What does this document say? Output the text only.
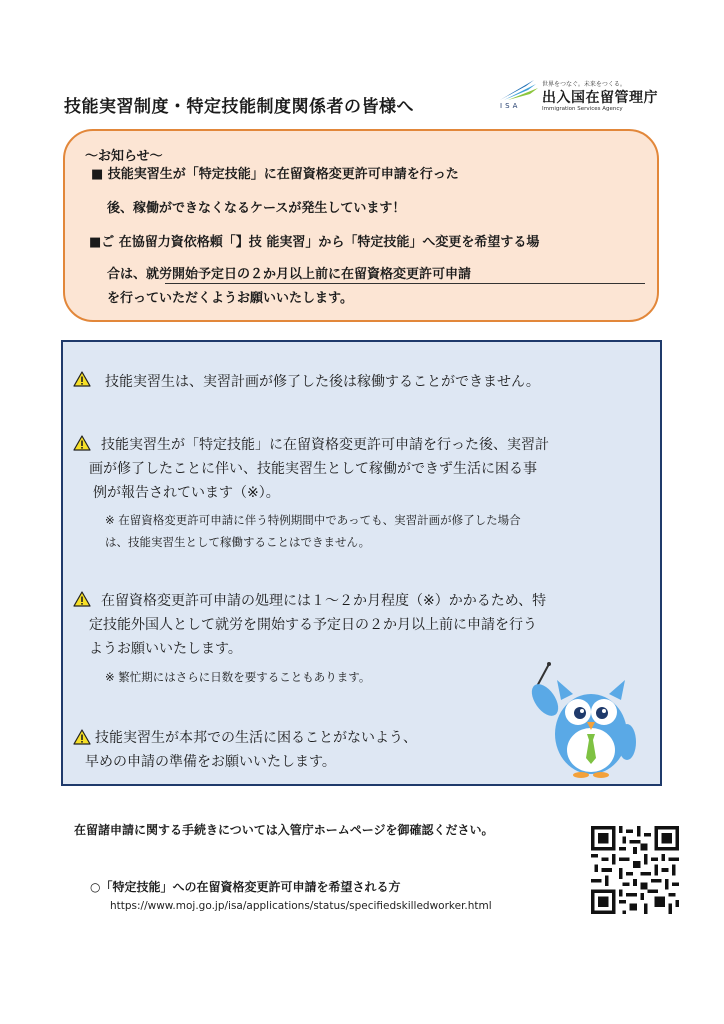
技能実習制度・特定技能制度関係者の皆様へ	ISA
世界をつなぐ。未来をつくる。
出入国在留管理庁
Immigration Services Agency
～お知らせ～
■ 技能実習生が「特定技能」に在留資格変更許可申請を行った
後、稼働ができなくなるケースが発生しています！
■ご 在協留力資依格頼「】技 能実習」から「特定技能」へ変更を希望する場
合は、就労開始予定日の２か月以上前に在留資格変更許可申請
を行っていただくようお願いいたします。
技能実習生は、実習計画が修了した後は稼働することができません。
技能実習生が「特定技能」に在留資格変更許可申請を行った後、実習計
画が修了したことに伴い、技能実習生として稼働ができず生活に困る事
例が報告されています（※）。
※ 在留資格変更許可申請に伴う特例期間中であっても、実習計画が修了した場合
は、技能実習生として稼働することはできません。
在留資格変更許可申請の処理には１～２か月程度（※）かかるため、特
定技能外国人として就労を開始する予定日の２か月以上前に申請を行う
ようお願いいたします。
※ 繁忙期にはさらに日数を要することもあります。
技能実習生が本邦での生活に困ることがないよう、
早めの申請の準備をお願いいたします。
在留諸申請に関する手続きについては入管庁ホームページを御確認ください。
○「特定技能」への在留資格変更許可申請を希望される方
https://www.moj.go.jp/isa/applications/status/specifiedskilledworker.html
